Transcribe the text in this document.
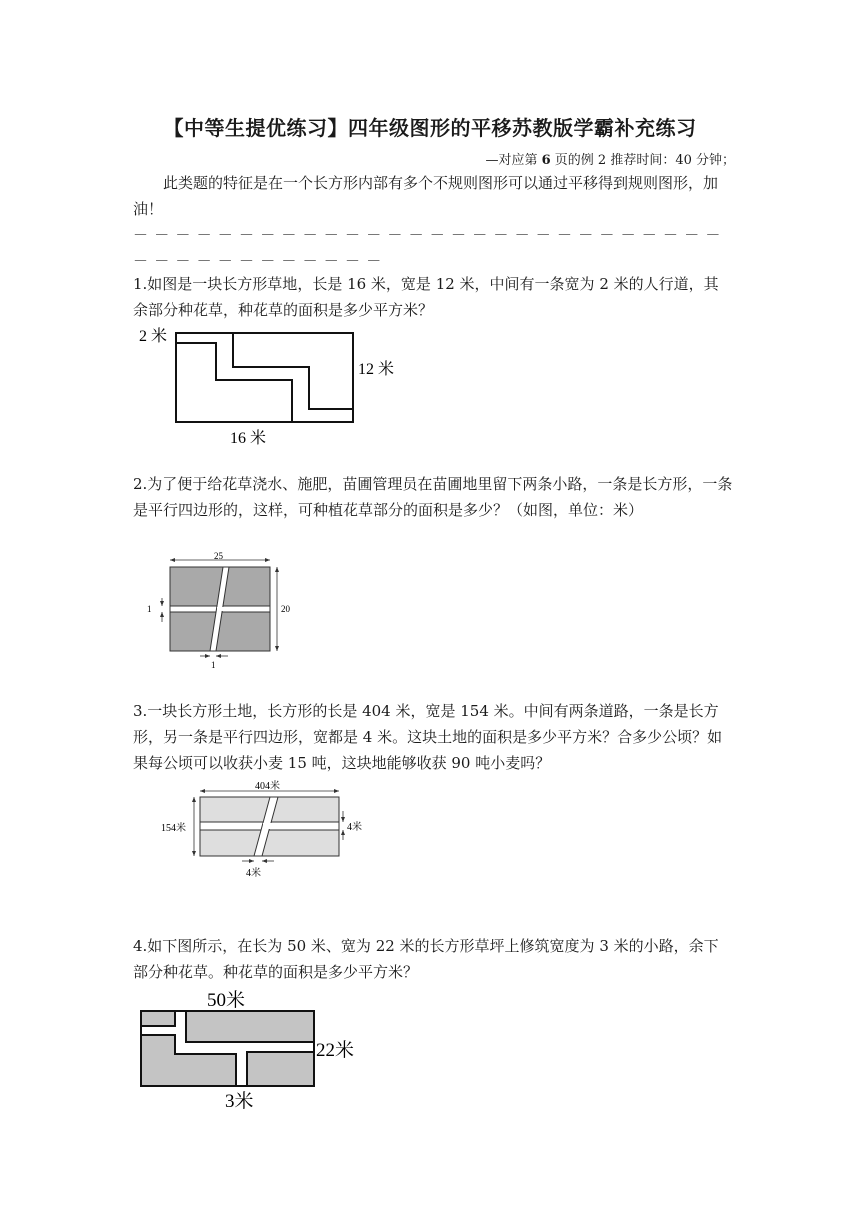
【中等生提优练习】四年级图形的平移苏教版学霸补充练习
—对应第 6 页的例 2 推荐时间：40 分钟；
此类题的特征是在一个长方形内部有多个不规则图形可以通过平移得到规则图形，加油！
－－－－－－－－－－－－－－－－－－－－－－－－－－－－－－－－－－－－－－－－
1.如图是一块长方形草地，长是 16 米，宽是 12 米，中间有一条宽为 2 米的人行道，其余部分种花草，种花草的面积是多少平方米？
2 米
12 米
16 米
2.为了便于给花草浇水、施肥，苗圃管理员在苗圃地里留下两条小路，一条是长方形，一条是平行四边形的，这样，可种植花草部分的面积是多少？（如图，单位：米）
25
20
1
1
3.一块长方形土地，长方形的长是 404 米，宽是 154 米。中间有两条道路，一条是长方形，另一条是平行四边形，宽都是 4 米。这块土地的面积是多少平方米？合多少公顷？如果每公顷可以收获小麦 15 吨，这块地能够收获 90 吨小麦吗？
404米
154米	4米
4米
4.如下图所示，在长为 50 米、宽为 22 米的长方形草坪上修筑宽度为 3 米的小路，余下部分种花草。种花草的面积是多少平方米？
50米
22米
3米
